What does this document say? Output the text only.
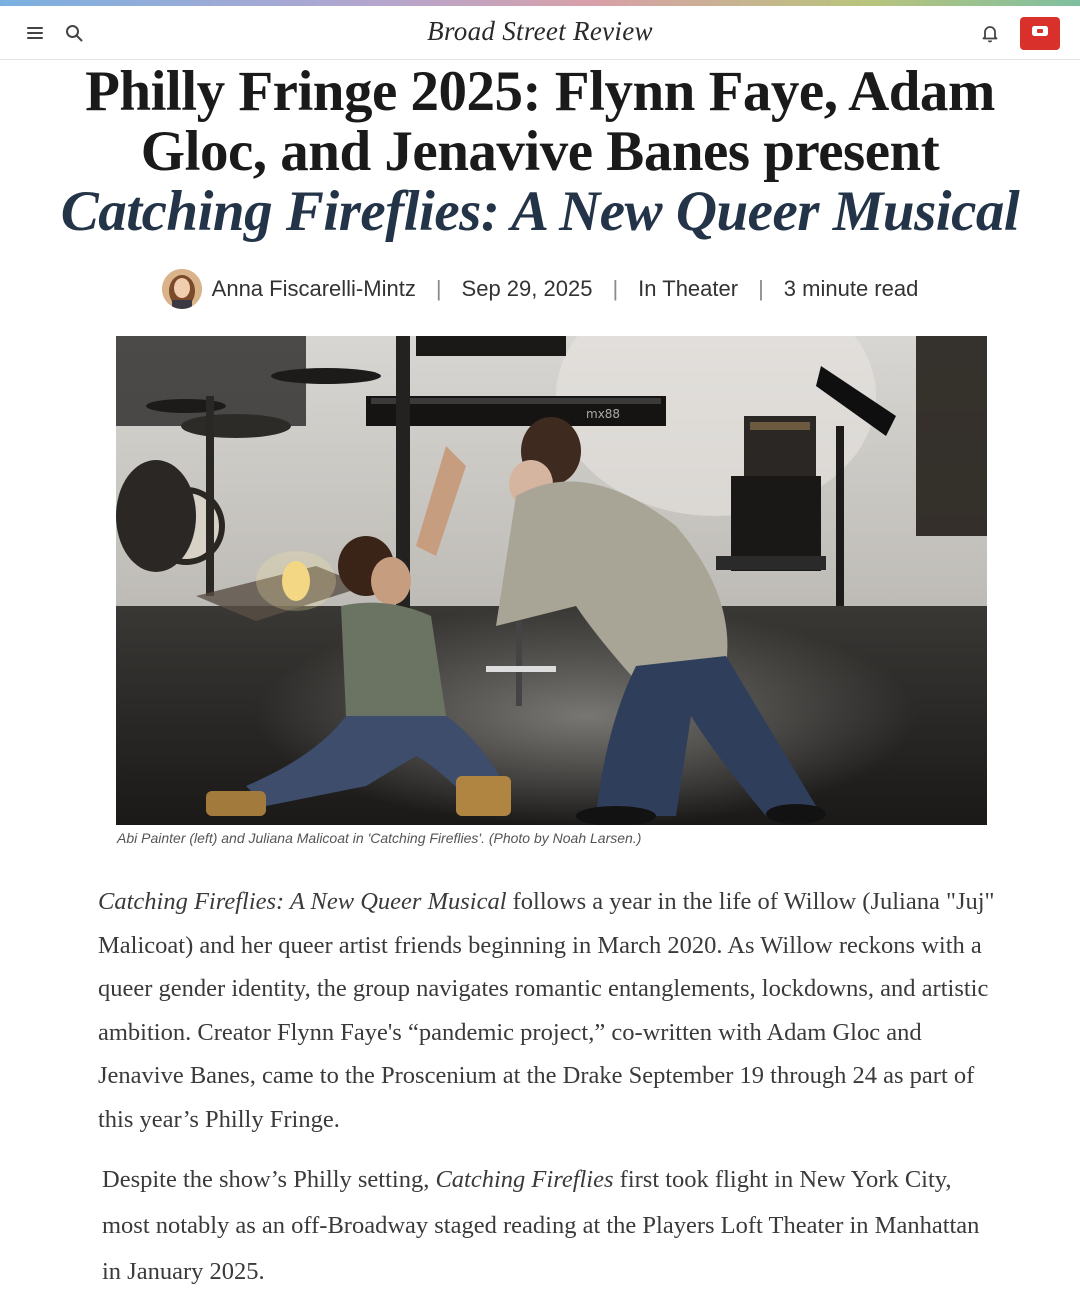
Broad Street Review
Philly Fringe 2025: Flynn Faye, Adam
Gloc, and Jenavive Banes present
Catching Fireflies: A New Queer Musical
Anna Fiscarelli-Mintz | Sep 29, 2025 | In Theater | 3 minute read
mx88
Abi Painter (left) and Juliana Malicoat in 'Catching Fireflies'. (Photo by Noah Larsen.)

Catching Fireflies: A New Queer Musical follows a year in the life of Willow (Juliana "Juj" Malicoat) and her queer artist friends beginning in March 2020. As Willow reckons with a queer gender identity, the group navigates romantic entanglements, lockdowns, and artistic ambition. Creator Flynn Faye's “pandemic project,” co-written with Adam Gloc and Jenavive Banes, came to the Proscenium at the Drake September 19 through 24 as part of this year’s Philly Fringe.

Despite the show’s Philly setting, Catching Fireflies first took flight in New York City, most notably as an off-Broadway staged reading at the Players Loft Theater in Manhattan in January 2025.
